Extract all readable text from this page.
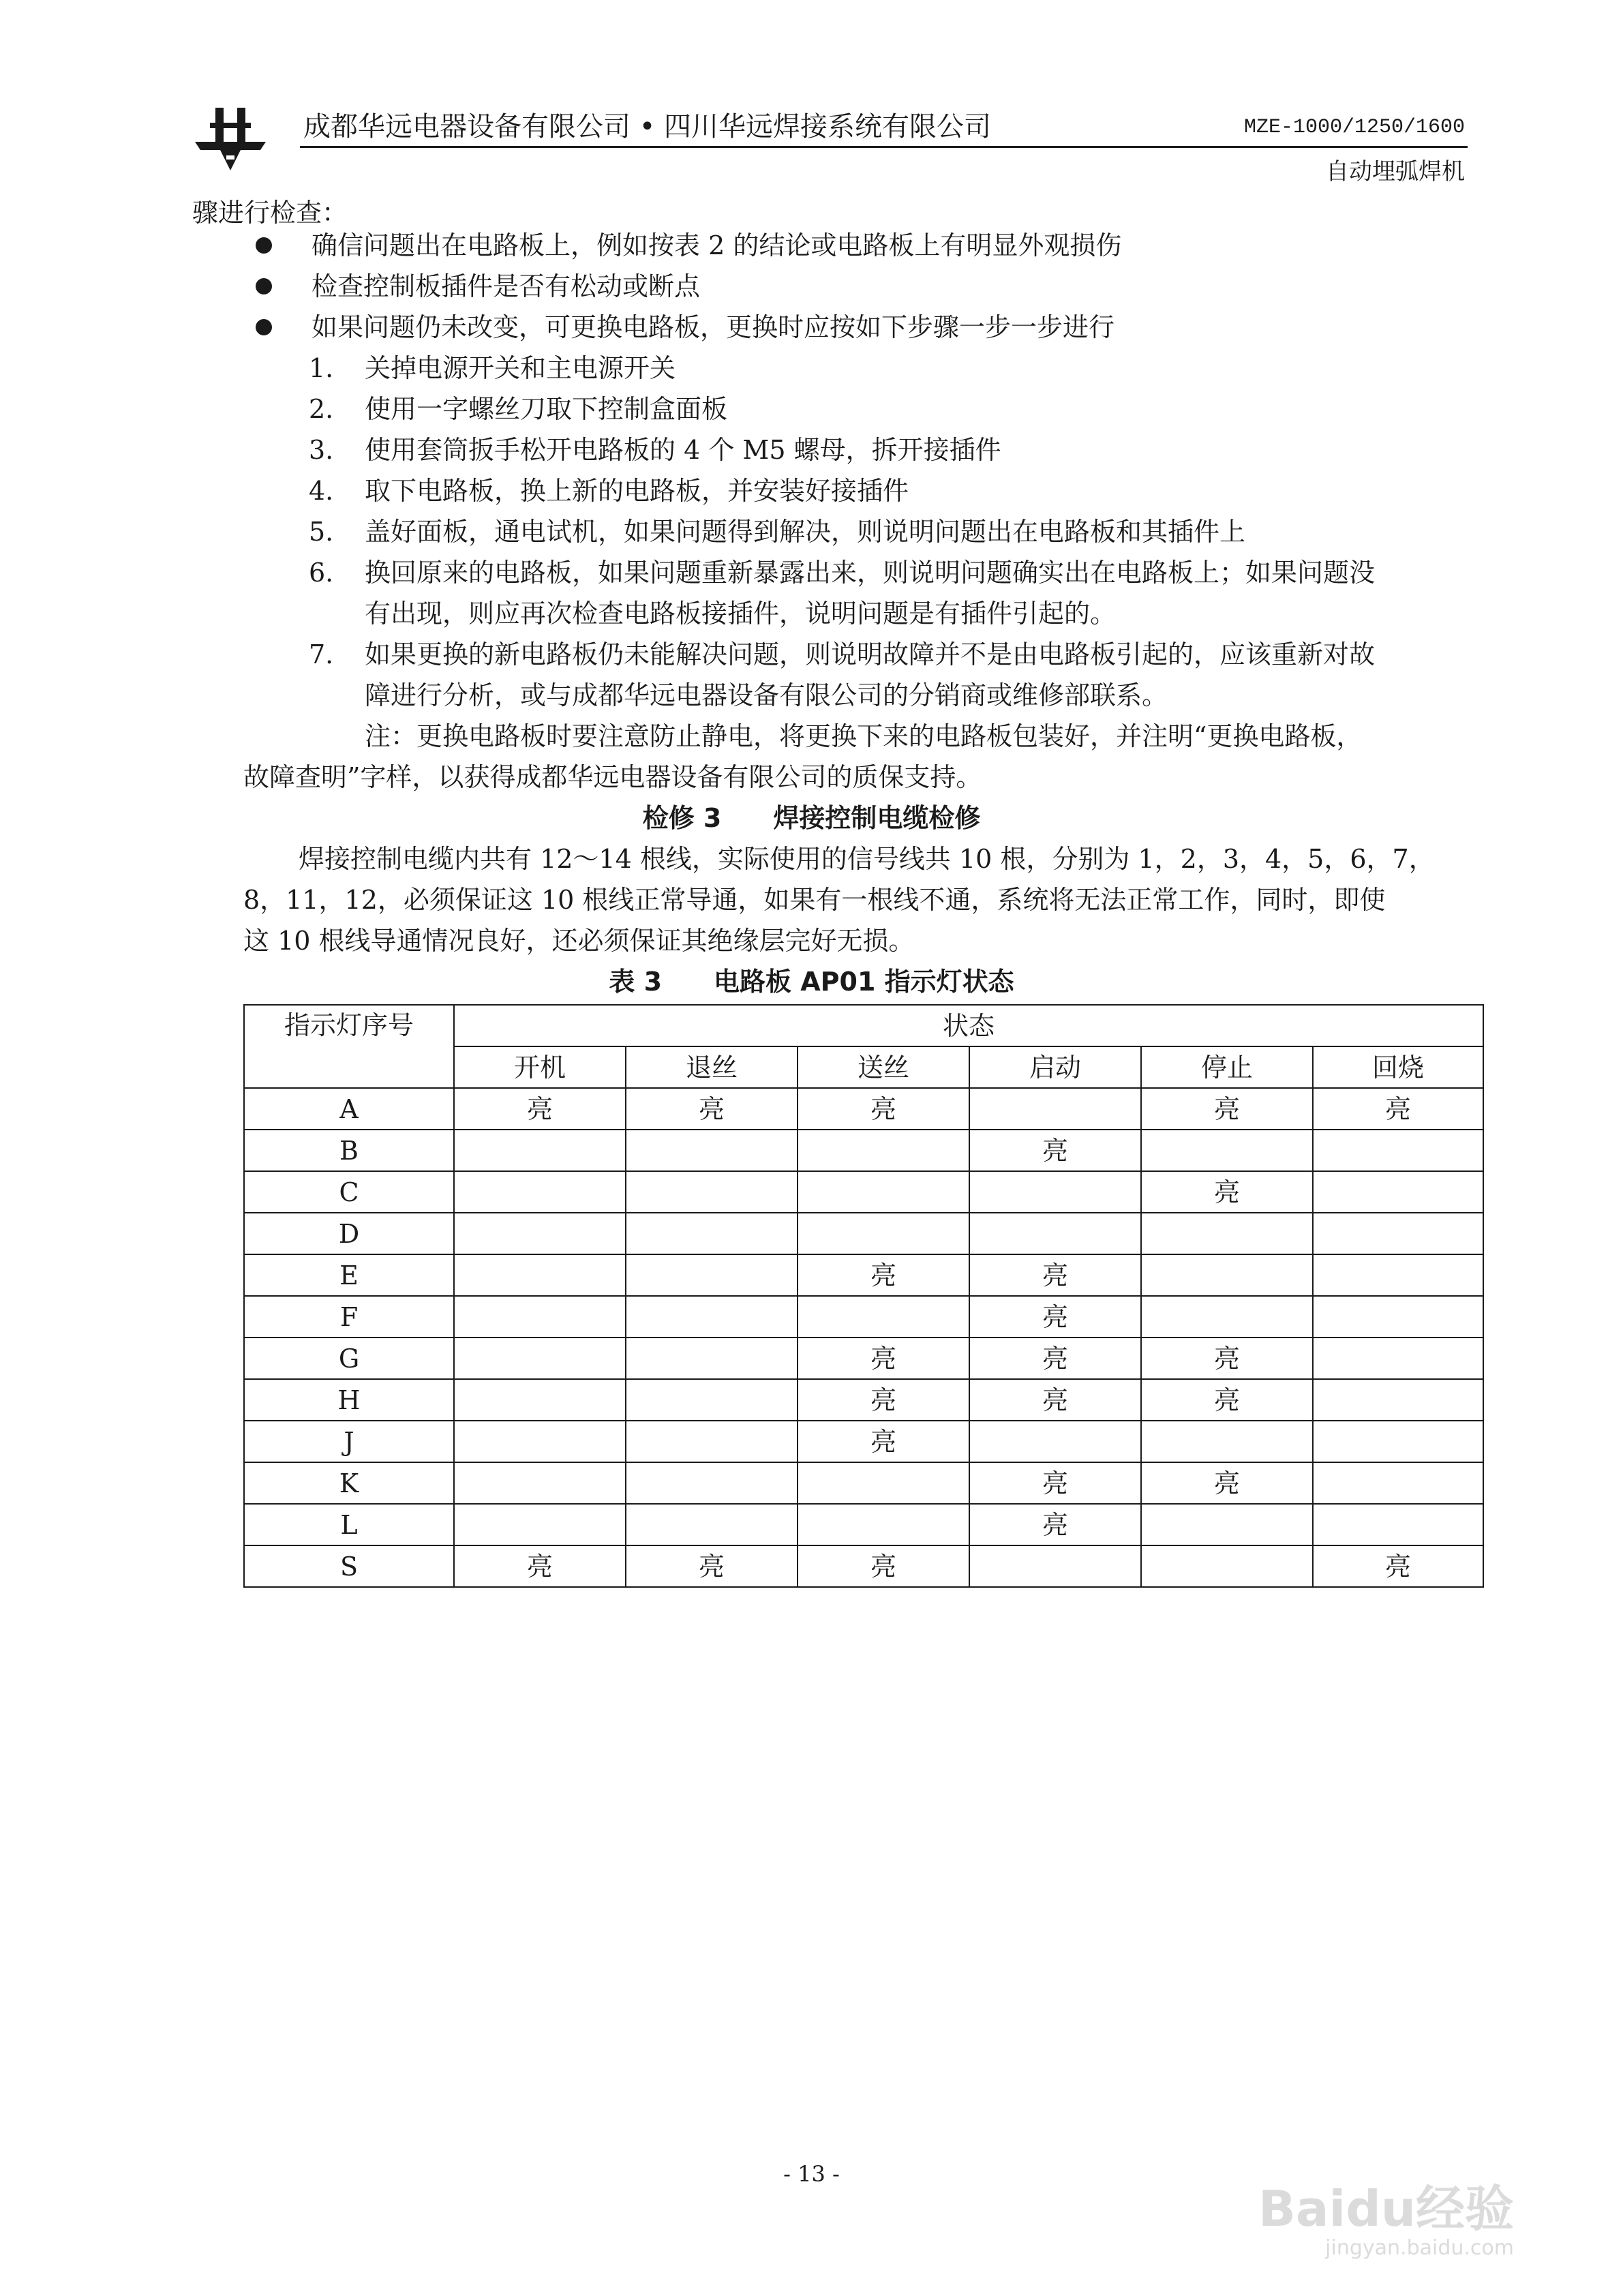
成都华远电器设备有限公司 • 四川华远焊接系统有限公司	MZE-1000/1250/1600
自动埋弧焊机
骤进行检查：
确信问题出在电路板上，例如按表 2 的结论或电路板上有明显外观损伤
检查控制板插件是否有松动或断点
如果问题仍未改变，可更换电路板，更换时应按如下步骤一步一步进行
1. 关掉电源开关和主电源开关
2. 使用一字螺丝刀取下控制盒面板
3. 使用套筒扳手松开电路板的 4 个 M5 螺母，拆开接插件
4. 取下电路板，换上新的电路板，并安装好接插件
5. 盖好面板，通电试机，如果问题得到解决，则说明问题出在电路板和其插件上
6. 换回原来的电路板，如果问题重新暴露出来，则说明问题确实出在电路板上；如果问题没
有出现，则应再次检查电路板接插件，说明问题是有插件引起的。
7. 如果更换的新电路板仍未能解决问题，则说明故障并不是由电路板引起的，应该重新对故
障进行分析，或与成都华远电器设备有限公司的分销商或维修部联系。
注：更换电路板时要注意防止静电，将更换下来的电路板包装好，并注明“更换电路板，
故障查明”字样，以获得成都华远电器设备有限公司的质保支持。
检修 3　　焊接控制电缆检修
焊接控制电缆内共有 12～14 根线，实际使用的信号线共 10 根，分别为 1，2，3，4，5，6，7，
8，11，12，必须保证这 10 根线正常导通，如果有一根线不通，系统将无法正常工作，同时，即使
这 10 根线导通情况良好，还必须保证其绝缘层完好无损。
表 3　　电路板 AP01 指示灯状态
指示灯序号	状态					
	开机	退丝	送丝	启动	停止	回烧
A	亮	亮	亮		亮	亮
B				亮		
C					亮	
D						
E			亮	亮		
F				亮		
G			亮	亮	亮	
H			亮	亮	亮	
J			亮			
K				亮	亮	
L				亮		
S	亮	亮	亮			亮
- 13 -
Baidu经验
jingyan.baidu.com
